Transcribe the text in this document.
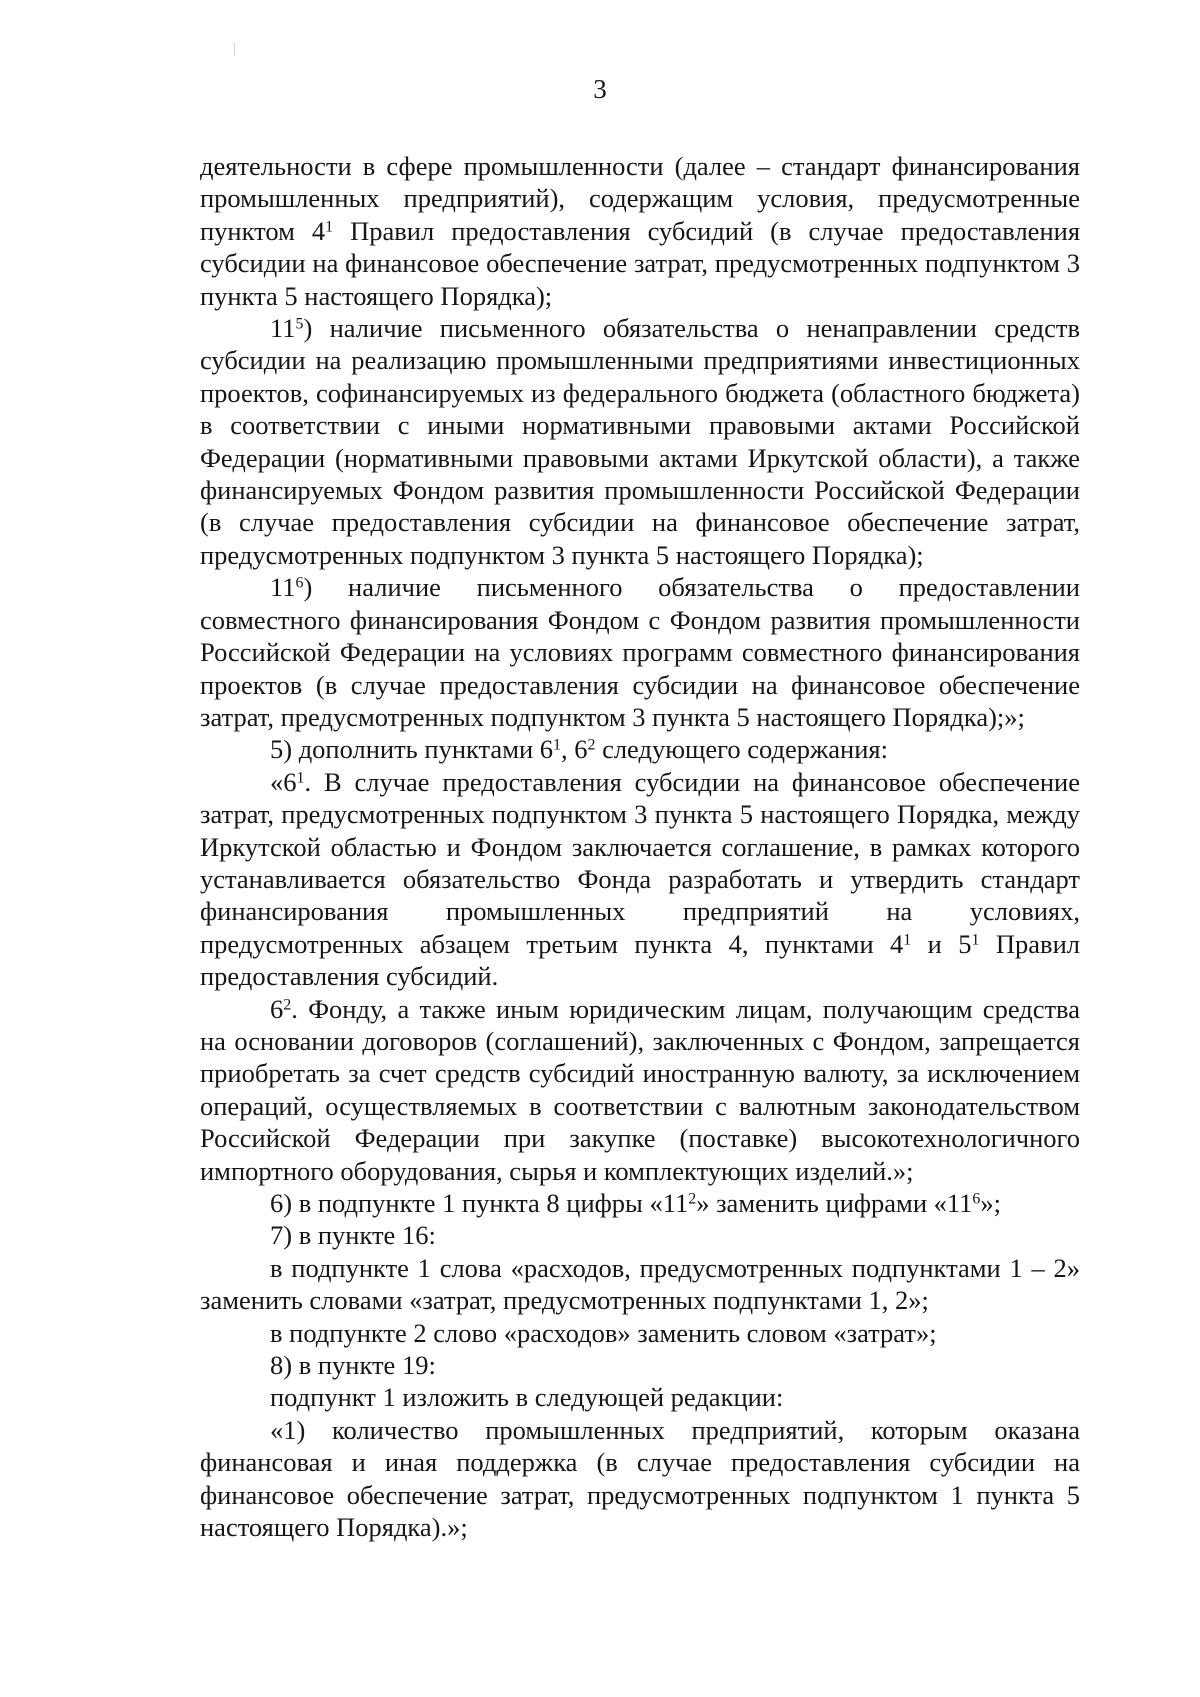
3

деятельности в сфере промышленности (далее – стандарт финансирования промышленных предприятий), содержащим условия, предусмотренные пунктом $4^1$ Правил предоставления субсидий (в случае предоставления субсидии на финансовое обеспечение затрат, предусмотренных подпунктом 3 пункта 5 настоящего Порядка);

$11^5$) наличие письменного обязательства о ненаправлении средств субсидии на реализацию промышленными предприятиями инвестиционных проектов, софинансируемых из федерального бюджета (областного бюджета) в соответствии с иными нормативными правовыми актами Российской Федерации (нормативными правовыми актами Иркутской области), а также финансируемых Фондом развития промышленности Российской Федерации (в случае предоставления субсидии на финансовое обеспечение затрат, предусмотренных подпунктом 3 пункта 5 настоящего Порядка);

$11^6$) наличие письменного обязательства о предоставлении совместного финансирования Фондом с Фондом развития промышленности Российской Федерации на условиях программ совместного финансирования проектов (в случае предоставления субсидии на финансовое обеспечение затрат, предусмотренных подпунктом 3 пункта 5 настоящего Порядка);»;

5) дополнить пунктами $6^1$, $6^2$ следующего содержания:

«$6^1$. В случае предоставления субсидии на финансовое обеспечение затрат, предусмотренных подпунктом 3 пункта 5 настоящего Порядка, между Иркутской областью и Фондом заключается соглашение, в рамках которого устанавливается обязательство Фонда разработать и утвердить стандарт финансирования промышленных предприятий на условиях, предусмотренных абзацем третьим пункта 4, пунктами $4^1$ и $5^1$ Правил предоставления субсидий.

$6^2$. Фонду, а также иным юридическим лицам, получающим средства на основании договоров (соглашений), заключенных с Фондом, запрещается приобретать за счет средств субсидий иностранную валюту, за исключением операций, осуществляемых в соответствии с валютным законодательством Российской Федерации при закупке (поставке) высокотехнологичного импортного оборудования, сырья и комплектующих изделий.»;

6) в подпункте 1 пункта 8 цифры «$11^2$» заменить цифрами «$11^6$»;

7) в пункте 16:

в подпункте 1 слова «расходов, предусмотренных подпунктами 1 – 2» заменить словами «затрат, предусмотренных подпунктами 1, 2»;

в подпункте 2 слово «расходов» заменить словом «затрат»;

8) в пункте 19:

подпункт 1 изложить в следующей редакции:

«1) количество промышленных предприятий, которым оказана финансовая и иная поддержка (в случае предоставления субсидии на финансовое обеспечение затрат, предусмотренных подпунктом 1 пункта 5 настоящего Порядка).»;
